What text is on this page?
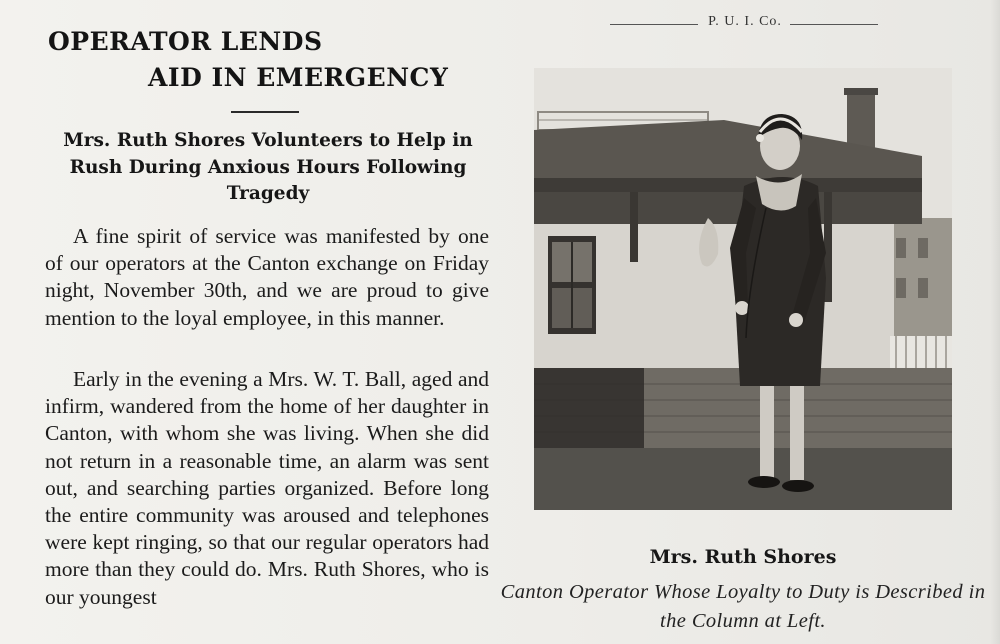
OPERATOR LENDS
AID IN EMERGENCY
Mrs. Ruth Shores Volunteers to Help in Rush During Anxious Hours Following Tragedy

A fine spirit of service was manifested by one of our operators at the Canton exchange on Friday night, November 30th, and we are proud to give mention to the loyal employee, in this manner.

Early in the evening a Mrs. W. T. Ball, aged and infirm, wandered from the home of her daughter in Canton, with whom she was living. When she did not return in a reasonable time, an alarm was sent out, and searching parties organized. Before long the entire community was aroused and telephones were kept ringing, so that our regular operators had more than they could do. Mrs. Ruth Shores, who is our youngest

P. U. I. Co.
Mrs. Ruth Shores

Canton Operator Whose Loyalty to Duty is Described in the Column at Left.
